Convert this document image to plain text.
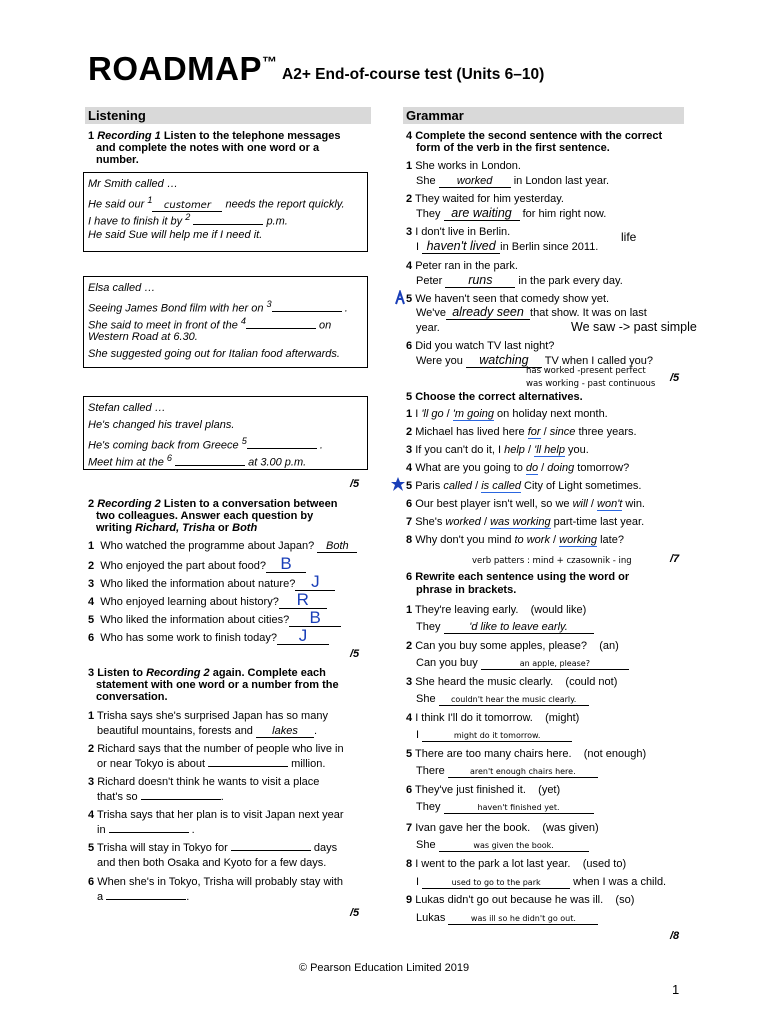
ROADMAP™
A2+ End-of-course test (Units 6–10)
Listening	Grammar
1 Recording 1 Listen to the telephone messages
and complete the notes with one word or a
number.
Mr Smith called …
He said our $^1$ customer needs the report quickly.
I have to finish it by $^2$	p.m.
He said Sue will help me if I need it.
Elsa called …
Seeing James Bond film with her on $^3$	.
She said to meet in front of the $^4$	on
Western Road at 6.30.
She suggested going out for Italian food afterwards.
Stefan called …
He's changed his travel plans.
He's coming back from Greece $^5$	.
Meet him at the $^6$	at 3.00 p.m.
/5
2 Recording 2 Listen to a conversation between
two colleagues. Answer each question by
writing Richard, Trisha or Both
1 Who watched the programme about Japan? Both
2 Who enjoyed the part about food? B
3 Who liked the information about nature? J
4 Who enjoyed learning about history? R
5 Who liked the information about cities? B
6 Who has some work to finish today? J
/5
3 Listen to Recording 2 again. Complete each
statement with one word or a number from the
conversation.
1 Trisha says she's surprised Japan has so many
beautiful mountains, forests and lakes .
2 Richard says that the number of people who live in
or near Tokyo is about	million.
3 Richard doesn't think he wants to visit a place
that's so	.
4 Trisha says that her plan is to visit Japan next year
in	.
5 Trisha will stay in Tokyo for	days
and then both Osaka and Kyoto for a few days.
6 When she's in Tokyo, Trisha will probably stay with
a	.
/5
4 Complete the second sentence with the correct
form of the verb in the first sentence.
1 She works in London.
She worked in London last year.
2 They waited for him yesterday.
They are waiting for him right now.
3 I don't live in Berlin.
I haven't lived in Berlin since 2011.
4 Peter ran in the park.
Peter runs in the park every day.
5 We haven't seen that comedy show yet.
We've already seen that show. It was on last
year.
6 Did you watch TV last night?
Were you watching TV when I called you?
life
We saw -> past simple
has worked -present perfect
was working - past continuous /5
5 Choose the correct alternatives.
1 I 'll go / 'm going on holiday next month.
2 Michael has lived here for / since three years.
3 If you can't do it, I help / 'll help you.
4 What are you going to do / doing tomorrow?
5 Paris called / is called City of Light sometimes.
6 Our best player isn't well, so we will / won't win.
7 She's worked / was working part-time last year.
8 Why don't you mind to work / working late?
verb patters : mind + czasownik - ing	/7
6 Rewrite each sentence using the word or
phrase in brackets.
1 They're leaving early. (would like)
They 'd like to leave early.
2 Can you buy some apples, please? (an)
Can you buy	an apple, please?
3 She heard the music clearly. (could not)
She couldn't hear the music clearly.
4 I think I'll do it tomorrow. (might)
I	might do it tomorrow.
5 There are too many chairs here. (not enough)
There	aren't enough chairs here.
6 They've just finished it. (yet)
They	haven't finished yet.
7 Ivan gave her the book. (was given)
She	was given the book.
8 I went to the park a lot last year. (used to)
I	used to go to the park	when I was a child.
9 Lukas didn't go out because he was ill. (so)
Lukas	was ill so he didn't go out.
/8
© Pearson Education Limited 2019
1
